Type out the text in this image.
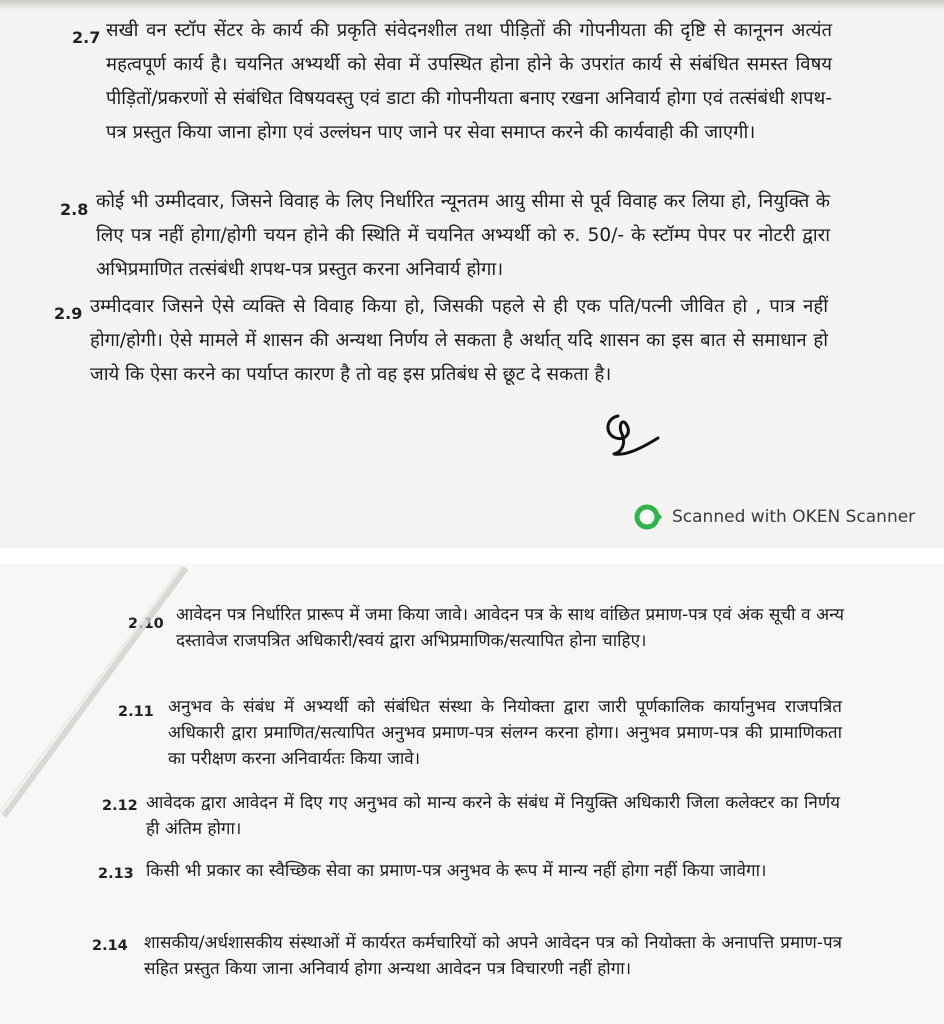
2.7 सखी वन स्टॉप सेंटर के कार्य की प्रकृति संवेदनशील तथा पीड़ितों की गोपनीयता की दृष्टि से कानूनन अत्यंत महत्वपूर्ण कार्य है। चयनित अभ्यर्थी को सेवा में उपस्थित होना होने के उपरांत कार्य से संबंधित समस्त विषय पीड़ितों/प्रकरणों से संबंधित विषयवस्तु एवं डाटा की गोपनीयता बनाए रखना अनिवार्य होगा एवं तत्संबंधी शपथ-पत्र प्रस्तुत किया जाना होगा एवं उल्लंघन पाए जाने पर सेवा समाप्त करने की कार्यवाही की जाएगी।
2.8 कोई भी उम्मीदवार, जिसने विवाह के लिए निर्धारित न्यूनतम आयु सीमा से पूर्व विवाह कर लिया हो, नियुक्ति के लिए पत्र नहीं होगा/होगी चयन होने की स्थिति में चयनित अभ्यर्थी को रु. 50/- के स्टॉम्प पेपर पर नोटरी द्वारा अभिप्रमाणित तत्संबंधी शपथ-पत्र प्रस्तुत करना अनिवार्य होगा।
2.9 उम्मीदवार जिसने ऐसे व्यक्ति से विवाह किया हो, जिसकी पहले से ही एक पति/पत्नी जीवित हो , पात्र नहीं होगा/होगी। ऐसे मामले में शासन की अन्यथा निर्णय ले सकता है अर्थात् यदि शासन का इस बात से समाधान हो जाये कि ऐसा करने का पर्याप्त कारण है तो वह इस प्रतिबंध से छूट दे सकता है।
Scanned with OKEN Scanner
2.10 आवेदन पत्र निर्धारित प्रारूप में जमा किया जावे। आवेदन पत्र के साथ वांछित प्रमाण-पत्र एवं अंक सूची व अन्य दस्तावेज राजपत्रित अधिकारी/स्वयं द्वारा अभिप्रमाणिक/सत्यापित होना चाहिए।
2.11 अनुभव के संबंध में अभ्यर्थी को संबंधित संस्था के नियोक्ता द्वारा जारी पूर्णकालिक कार्यानुभव राजपत्रित अधिकारी द्वारा प्रमाणित/सत्यापित अनुभव प्रमाण-पत्र संलग्न करना होगा। अनुभव प्रमाण-पत्र की प्रामाणिकता का परीक्षण करना अनिवार्यतः किया जावे।
2.12 आवेदक द्वारा आवेदन में दिए गए अनुभव को मान्य करने के संबंध में नियुक्ति अधिकारी जिला कलेक्टर का निर्णय ही अंतिम होगा।
2.13 किसी भी प्रकार का स्वैच्छिक सेवा का प्रमाण-पत्र अनुभव के रूप में मान्य नहीं होगा नहीं किया जावेगा।
2.14 शासकीय/अर्धशासकीय संस्थाओं में कार्यरत कर्मचारियों को अपने आवेदन पत्र को नियोक्ता के अनापत्ति प्रमाण-पत्र सहित प्रस्तुत किया जाना अनिवार्य होगा अन्यथा आवेदन पत्र विचारणी नहीं होगा।
